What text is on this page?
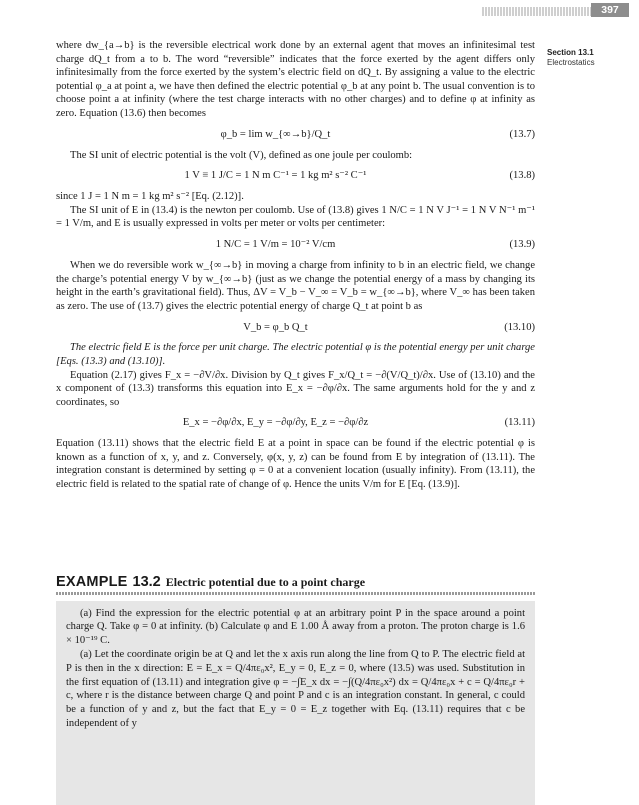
397
Section 13.1
Electrostatics

where dw_{a→b} is the reversible electrical work done by an external agent that moves an infinitesimal test charge dQ_t from a to b. The word “reversible” indicates that the force exerted by the agent differs only infinitesimally from the force exerted by the system’s electric field on dQ_t. By assigning a value to the electric potential φ_a at point a, we have then defined the electric potential φ_b at any point b. The usual convention is to choose point a at infinity (where the test charge interacts with no other charges) and to define φ at infinity as zero. Equation (13.6) then becomes

φ_b = lim w_{∞→b}/Q_t	(13.7)

The SI unit of electric potential is the volt (V), defined as one joule per coulomb:

1 V ≡ 1 J/C = 1 N m C⁻¹ = 1 kg m² s⁻² C⁻¹	(13.8)

since 1 J = 1 N m = 1 kg m² s⁻² [Eq. (2.12)].

The SI unit of E in (13.4) is the newton per coulomb. Use of (13.8) gives 1 N/C = 1 N V J⁻¹ = 1 N V N⁻¹ m⁻¹ = 1 V/m, and E is usually expressed in volts per meter or volts per centimeter:

1 N/C = 1 V/m = 10⁻² V/cm	(13.9)

When we do reversible work w_{∞→b} in moving a charge from infinity to b in an electric field, we change the charge’s potential energy V by w_{∞→b} (just as we change the potential energy of a mass by changing its height in the earth’s gravitational field). Thus, ΔV = V_b − V_∞ = V_b = w_{∞→b}, where V_∞ has been taken as zero. The use of (13.7) gives the electric potential energy of charge Q_t at point b as

V_b = φ_b Q_t	(13.10)

The electric field E is the force per unit charge. The electric potential φ is the potential energy per unit charge [Eqs. (13.3) and (13.10)].

Equation (2.17) gives F_x = −∂V/∂x. Division by Q_t gives F_x/Q_t = −∂(V/Q_t)/∂x. Use of (13.10) and the x component of (13.3) transforms this equation into E_x = −∂φ/∂x. The same arguments hold for the y and z coordinates, so

E_x = −∂φ/∂x, E_y = −∂φ/∂y, E_z = −∂φ/∂z	(13.11)

Equation (13.11) shows that the electric field E at a point in space can be found if the electric potential φ is known as a function of x, y, and z. Conversely, φ(x, y, z) can be found from E by integration of (13.11). The integration constant is determined by setting φ = 0 at a convenient location (usually infinity). From (13.11), the electric field is related to the spatial rate of change of φ. Hence the units V/m for E [Eq. (13.9)].

EXAMPLE 13.2 Electric potential due to a point charge

(a) Find the expression for the electric potential φ at an arbitrary point P in the space around a point charge Q. Take φ = 0 at infinity. (b) Calculate φ and E 1.00 Å away from a proton. The proton charge is 1.6 × 10⁻¹⁹ C.

(a) Let the coordinate origin be at Q and let the x axis run along the line from Q to P. The electric field at P is then in the x direction: E = E_x = Q/4πε₀x², E_y = 0, E_z = 0, where (13.5) was used. Substitution in the first equation of (13.11) and integration give φ = −∫E_x dx = −∫(Q/4πε₀x²) dx = Q/4πε₀x + c = Q/4πε₀r + c, where r is the distance between charge Q and point P and c is an integration constant. In general, c could be a function of y and z, but the fact that E_y = 0 = E_z together with Eq. (13.11) requires that c be independent of y
